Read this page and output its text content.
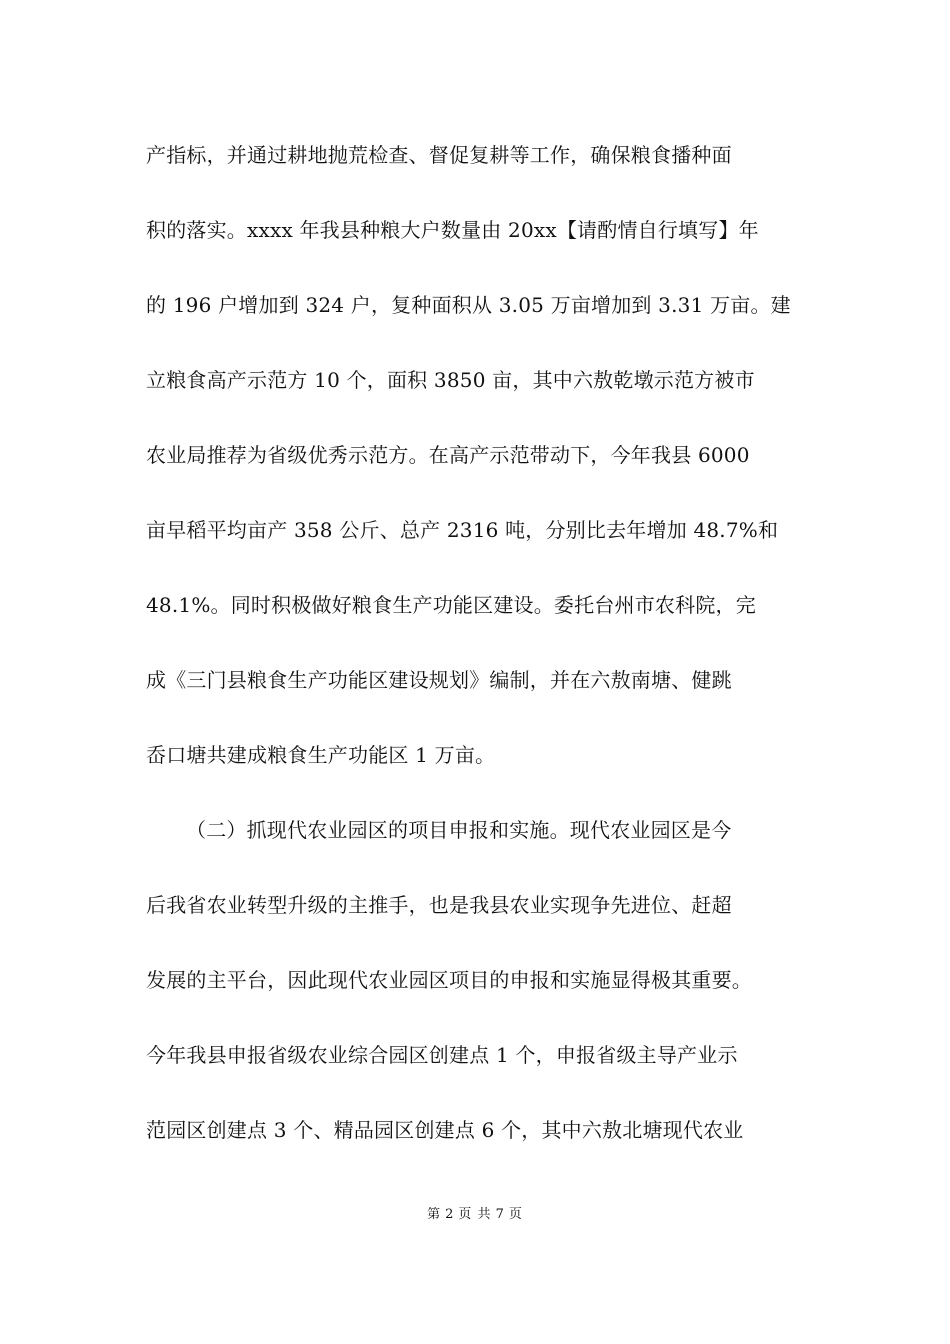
产指标，并通过耕地抛荒检查、督促复耕等工作，确保粮食播种面
积的落实。xxxx 年我县种粮大户数量由 20xx【请酌情自行填写】年
的 196 户增加到 324 户，复种面积从 3.05 万亩增加到 3.31 万亩。建
立粮食高产示范方 10 个，面积 3850 亩，其中六敖乾墩示范方被市
农业局推荐为省级优秀示范方。在高产示范带动下，今年我县 6000
亩早稻平均亩产 358 公斤、总产 2316 吨，分别比去年增加 48.7%和
48.1%。同时积极做好粮食生产功能区建设。委托台州市农科院，完
成《三门县粮食生产功能区建设规划》编制，并在六敖南塘、健跳
岙口塘共建成粮食生产功能区 1 万亩。
（二）抓现代农业园区的项目申报和实施。现代农业园区是今
后我省农业转型升级的主推手，也是我县农业实现争先进位、赶超
发展的主平台，因此现代农业园区项目的申报和实施显得极其重要。
今年我县申报省级农业综合园区创建点 1 个，申报省级主导产业示
范园区创建点 3 个、精品园区创建点 6 个，其中六敖北塘现代农业
第 2 页 共 7 页
